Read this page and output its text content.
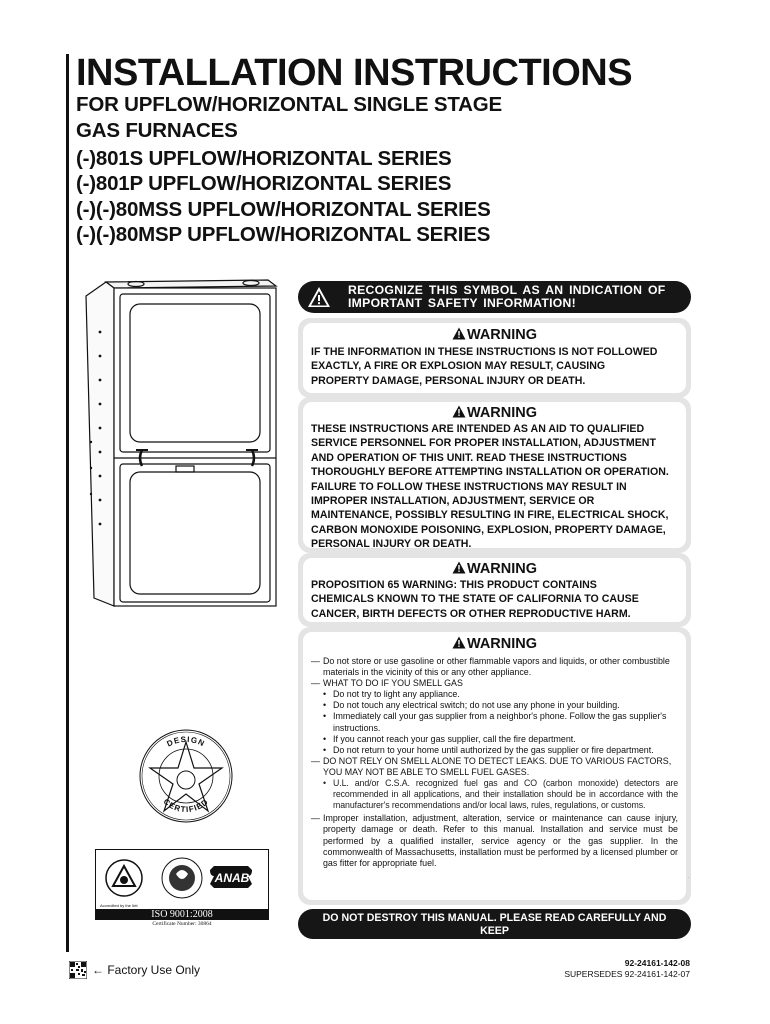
INSTALLATION INSTRUCTIONS
FOR UPFLOW/HORIZONTAL SINGLE STAGE
GAS FURNACES
(-)801S UPFLOW/HORIZONTAL SERIES
(-)801P UPFLOW/HORIZONTAL SERIES
(-)(-)80MSS UPFLOW/HORIZONTAL SERIES
(-)(-)80MSP UPFLOW/HORIZONTAL SERIES
RECOGNIZE THIS SYMBOL AS AN INDICATION OF
IMPORTANT SAFETY INFORMATION!
WARNING

IF THE INFORMATION IN THESE INSTRUCTIONS IS NOT FOLLOWED

EXACTLY, A FIRE OR EXPLOSION MAY RESULT, CAUSING

PROPERTY DAMAGE, PERSONAL INJURY OR DEATH.

WARNING

THESE INSTRUCTIONS ARE INTENDED AS AN AID TO QUALIFIED

SERVICE PERSONNEL FOR PROPER INSTALLATION, ADJUSTMENT

AND OPERATION OF THIS UNIT. READ THESE INSTRUCTIONS

THOROUGHLY BEFORE ATTEMPTING INSTALLATION OR OPERATION.

FAILURE TO FOLLOW THESE INSTRUCTIONS MAY RESULT IN

IMPROPER INSTALLATION, ADJUSTMENT, SERVICE OR

MAINTENANCE, POSSIBLY RESULTING IN FIRE, ELECTRICAL SHOCK,

CARBON MONOXIDE POISONING, EXPLOSION, PROPERTY DAMAGE,

PERSONAL INJURY OR DEATH.

WARNING

PROPOSITION 65 WARNING: THIS PRODUCT CONTAINS

CHEMICALS KNOWN TO THE STATE OF CALIFORNIA TO CAUSE

CANCER, BIRTH DEFECTS OR OTHER REPRODUCTIVE HARM.

WARNING
— Do not store or use gasoline or other flammable vapors and liquids, or other combustible materials in the vicinity of this or any other appliance.
— WHAT TO DO IF YOU SMELL GAS
• Do not try to light any appliance.
• Do not touch any electrical switch; do not use any phone in your building.
• Immediately call your gas supplier from a neighbor's phone. Follow the gas supplier's instructions.
• If you cannot reach your gas supplier, call the fire department.
• Do not return to your home until authorized by the gas supplier or fire department.
— DO NOT RELY ON SMELL ALONE TO DETECT LEAKS. DUE TO VARIOUS FACTORS, YOU MAY NOT BE ABLE TO SMELL FUEL GASES.
• U.L. and/or C.S.A. recognized fuel gas and CO (carbon monoxide) detectors are recommended in all applications, and their installation should be in accordance with the manufacturer's recommendations and/or local laws, rules, regulations, or customs.
— Improper installation, adjustment, alteration, service or maintenance can cause injury, property damage or death. Refer to this manual. Installation and service must be performed by a qualified installer, service agency or the gas supplier. In the commonwealth of Massachusetts, installation must be performed by a licensed plumber or gas fitter for appropriate fuel.
·
DO NOT DESTROY THIS MANUAL. PLEASE READ CAREFULLY AND KEEP
IN A SAFE PLACE FOR FUTURE REFERENCE BY A SERVICEMAN.
DESIGN
CERTIFIED
ANAB
Accredited by the Ibtt
ISO 9001:2008
Certificate Number: 30864
← Factory Use Only	92-24161-142-08
SUPERSEDES 92-24161-142-07
